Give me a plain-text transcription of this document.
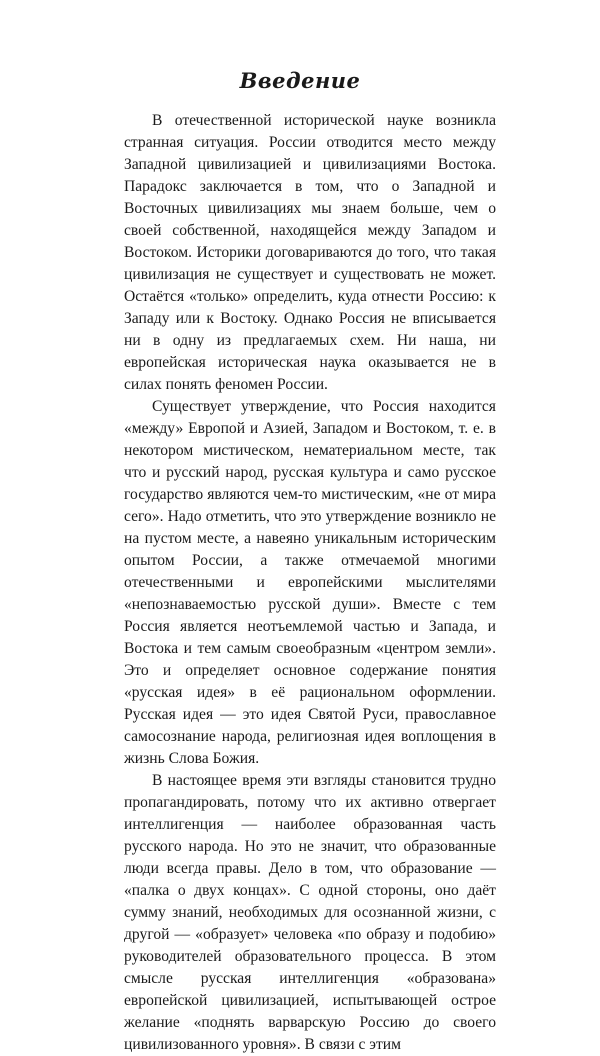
Введение

В отечественной исторической науке возникла странная ситуация. России отводится место между Западной цивилизацией и цивилизациями Востока. Парадокс заключается в том, что о Западной и Восточных цивилизациях мы знаем больше, чем о своей собственной, находящейся между Западом и Востоком. Историки договариваются до того, что такая цивилизация не существует и существовать не может. Остаётся «только» определить, куда отнести Россию: к Западу или к Востоку. Однако Россия не вписывается ни в одну из предлагаемых схем. Ни наша, ни европейская историческая наука оказывается не в силах понять феномен России.

Существует утверждение, что Россия находится «между» Европой и Азией, Западом и Востоком, т. е. в некотором мистическом, нематериальном месте, так что и русский народ, русская культура и само русское государство являются чем-то мистическим, «не от мира сего». Надо отметить, что это утверждение возникло не на пустом месте, а навеяно уникальным историческим опытом России, а также отмечаемой многими отечественными и европейскими мыслителями «непознаваемостью русской души». Вместе с тем Россия является неотъемлемой частью и Запада, и Востока и тем самым своеобразным «центром земли». Это и определяет основное содержание понятия «русская идея» в её рациональном оформлении. Русская идея — это идея Святой Руси, православное самосознание народа, религиозная идея воплощения в жизнь Слова Божия.

В настоящее время эти взгляды становится трудно пропагандировать, потому что их активно отвергает интеллигенция — наиболее образованная часть русского народа. Но это не значит, что образованные люди всегда правы. Дело в том, что образование — «палка о двух концах». С одной стороны, оно даёт сумму знаний, необходимых для осознанной жизни, с другой — «образует» человека «по образу и подобию» руководителей образовательного процесса. В этом смысле русская интеллигенция «образована» европейской цивилизацией, испытывающей острое желание «поднять варварскую Россию до своего цивилизованного уровня». В связи с этим
